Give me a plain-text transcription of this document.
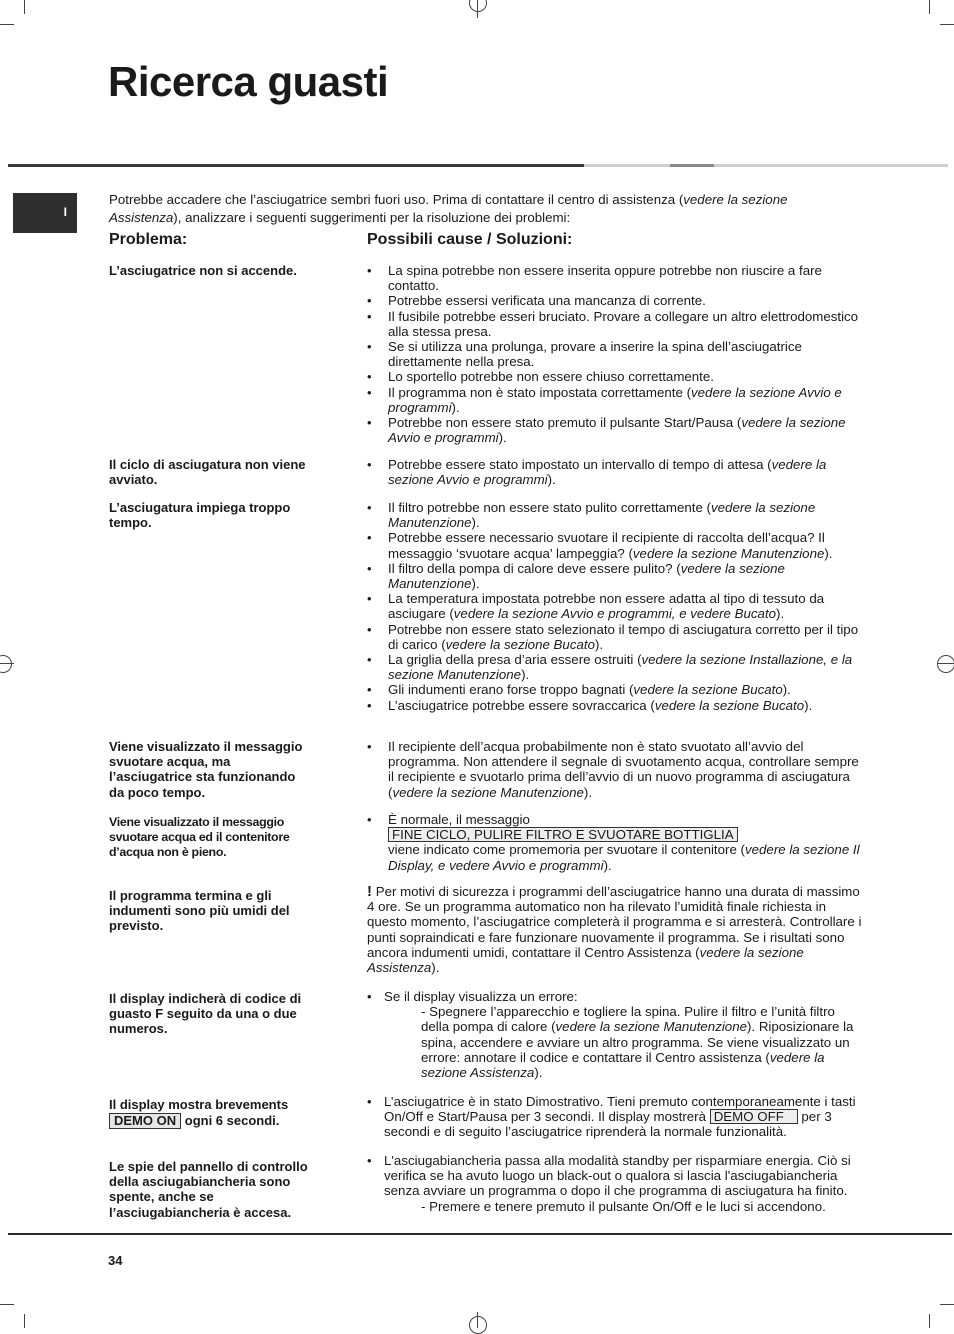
Ricerca guasti
I
Potrebbe accadere che l’asciugatrice sembri fuori uso. Prima di contattare il centro di assistenza (vedere la sezione Assistenza), analizzare i seguenti suggerimenti per la risoluzione dei problemi:
Problema:	Possibili cause / Soluzioni:
L’asciugatrice non si accende.
•	La spina potrebbe non essere inserita oppure potrebbe non riuscire a fare contatto.
• Potrebbe essersi verificata una mancanza di corrente.
• Il fusibile potrebbe esseri bruciato. Provare a collegare un altro elettrodomestico alla stessa presa.
• Se si utilizza una prolunga, provare a inserire la spina dell’asciugatrice direttamente nella presa.
• Lo sportello potrebbe non essere chiuso correttamente.
• Il programma non è stato impostata correttamente (vedere la sezione Avvio e programmi).
• Potrebbe non essere stato premuto il pulsante Start/Pausa (vedere la sezione Avvio e programmi).
Il ciclo di asciugatura non viene avviato.
• Potrebbe essere stato impostato un intervallo di tempo di attesa (vedere la sezione Avvio e programmi).
L’asciugatura impiega troppo tempo.
• Il filtro potrebbe non essere stato pulito correttamente (vedere la sezione Manutenzione).
• Potrebbe essere necessario svuotare il recipiente di raccolta dell’acqua? Il messaggio ‘svuotare acqua’ lampeggia? (vedere la sezione Manutenzione).
• Il filtro della pompa di calore deve essere pulito? (vedere la sezione Manutenzione).
• La temperatura impostata potrebbe non essere adatta al tipo di tessuto da asciugare (vedere la sezione Avvio e programmi, e vedere Bucato).
• Potrebbe non essere stato selezionato il tempo di asciugatura corretto per il tipo di carico (vedere la sezione Bucato).
• La griglia della presa d’aria essere ostruiti (vedere la sezione Installazione, e la sezione Manutenzione).
• Gli indumenti erano forse troppo bagnati (vedere la sezione Bucato).
• L’asciugatrice potrebbe essere sovraccarica (vedere la sezione Bucato).
Viene visualizzato il messaggio svuotare acqua, ma l’asciugatrice sta funzionando da poco tempo.
• Il recipiente dell’acqua probabilmente non è stato svuotato all’avvio del programma. Non attendere il segnale di svuotamento acqua, controllare sempre il recipiente e svuotarlo prima dell’avvio di un nuovo programma di asciugatura (vedere la sezione Manutenzione).
Viene visualizzato il messaggio svuotare acqua ed il contenitore d’acqua non è pieno.
• È normale, il messaggio
FINE CICLO, PULIRE FILTRO E SVUOTARE BOTTIGLIA
viene indicato come promemoria per svuotare il contenitore (vedere la sezione Il Display, e vedere Avvio e programmi).
Il programma termina e gli indumenti sono più umidi del previsto.
! Per motivi di sicurezza i programmi dell’asciugatrice hanno una durata di massimo 4 ore. Se un programma automatico non ha rilevato l’umidità finale richiesta in questo momento, l’asciugatrice completerà il programma e si arresterà. Controllare i punti sopraindicati e fare funzionare nuovamente il programma. Se i risultati sono ancora indumenti umidi, contattare il Centro Assistenza (vedere la sezione Assistenza).
Il display indicherà di codice di guasto F seguito da una o due numeros.
• Se il display visualizza un errore:
- Spegnere l’apparecchio e togliere la spina. Pulire il filtro e l’unità filtro della pompa di calore (vedere la sezione Manutenzione). Riposizionare la spina, accendere e avviare un altro programma. Se viene visualizzato un errore: annotare il codice e contattare il Centro assistenza (vedere la sezione Assistenza).
Il display mostra brevements
DEMO ON ogni 6 secondi.
• L’asciugatrice è in stato Dimostrativo. Tieni premuto contemporaneamente i tasti On/Off e Start/Pausa per 3 secondi. Il display mostrerà DEMO OFF per 3 secondi e di seguito l’asciugatrice riprenderà la normale funzionalità.
Le spie del pannello di controllo della asciugabiancheria sono spente, anche se l’asciugabiancheria è accesa.
• L'asciugabiancheria passa alla modalità standby per risparmiare energia. Ciò si verifica se ha avuto luogo un black-out o qualora si lascia l'asciugabiancheria senza avviare un programma o dopo il che programma di asciugatura ha finito.
- Premere e tenere premuto il pulsante On/Off e le luci si accendono.
34
